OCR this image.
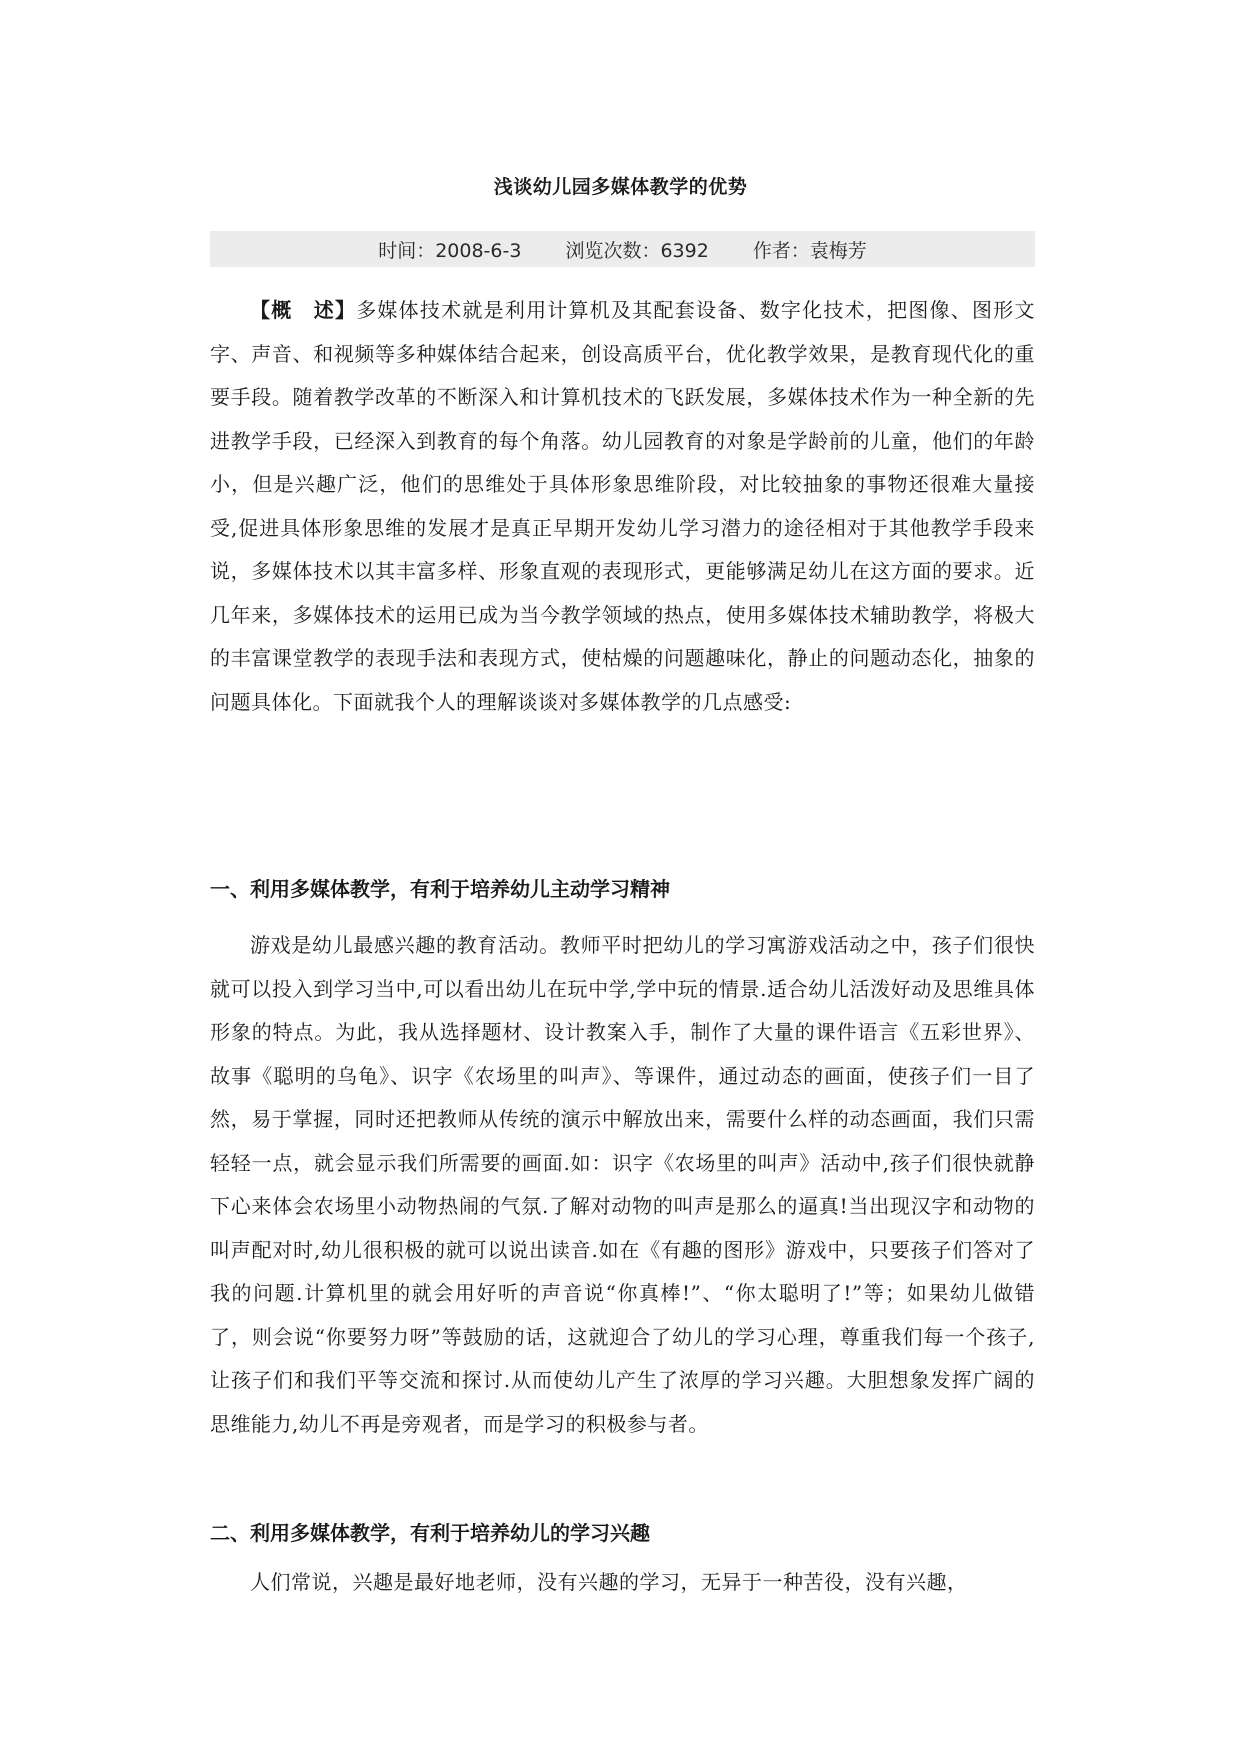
浅谈幼儿园多媒体教学的优势
时间：2008-6-3 浏览次数：6392 作者：袁梅芳

【概　述】多媒体技术就是利用计算机及其配套设备、数字化技术，把图像、图形文字、声音、和视频等多种媒体结合起来，创设高质平台，优化教学效果，是教育现代化的重要手段。随着教学改革的不断深入和计算机技术的飞跃发展，多媒体技术作为一种全新的先进教学手段，已经深入到教育的每个角落。幼儿园教育的对象是学龄前的儿童，他们的年龄小，但是兴趣广泛，他们的思维处于具体形象思维阶段，对比较抽象的事物还很难大量接受,促进具体形象思维的发展才是真正早期开发幼儿学习潜力的途径相对于其他教学手段来说，多媒体技术以其丰富多样、形象直观的表现形式，更能够满足幼儿在这方面的要求。近几年来，多媒体技术的运用已成为当今教学领域的热点，使用多媒体技术辅助教学，将极大的丰富课堂教学的表现手法和表现方式，使枯燥的问题趣味化，静止的问题动态化，抽象的问题具体化。下面就我个人的理解谈谈对多媒体教学的几点感受:

一、利用多媒体教学，有利于培养幼儿主动学习精神

游戏是幼儿最感兴趣的教育活动。教师平时把幼儿的学习寓游戏活动之中，孩子们很快就可以投入到学习当中,可以看出幼儿在玩中学,学中玩的情景.适合幼儿活泼好动及思维具体形象的特点。为此，我从选择题材、设计教案入手，制作了大量的课件语言《五彩世界》、故事《聪明的乌龟》、识字《农场里的叫声》、等课件，通过动态的画面，使孩子们一目了然，易于掌握，同时还把教师从传统的演示中解放出来，需要什么样的动态画面，我们只需轻轻一点，就会显示我们所需要的画面.如：识字《农场里的叫声》活动中,孩子们很快就静下心来体会农场里小动物热闹的气氛.了解对动物的叫声是那么的逼真!当出现汉字和动物的叫声配对时,幼儿很积极的就可以说出读音.如在《有趣的图形》游戏中，只要孩子们答对了我的问题.计算机里的就会用好听的声音说“你真棒!”、“你太聪明了!”等；如果幼儿做错了，则会说“你要努力呀”等鼓励的话，这就迎合了幼儿的学习心理，尊重我们每一个孩子,让孩子们和我们平等交流和探讨.从而使幼儿产生了浓厚的学习兴趣。大胆想象发挥广阔的思维能力,幼儿不再是旁观者，而是学习的积极参与者。

二、利用多媒体教学，有利于培养幼儿的学习兴趣

人们常说，兴趣是最好地老师，没有兴趣的学习，无异于一种苦役，没有兴趣，
